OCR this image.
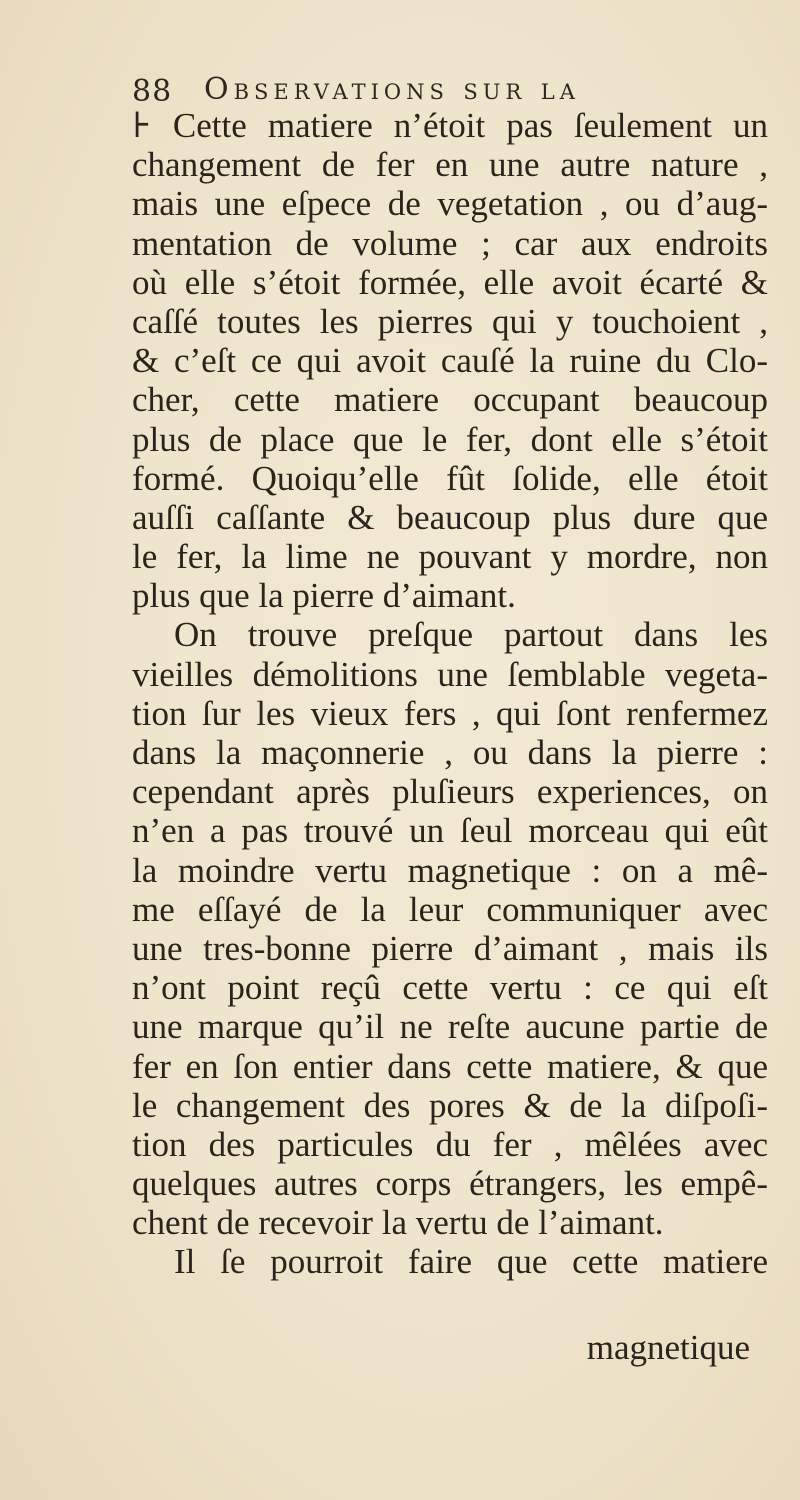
88 Observations sur la
⊦ Cette matiere n’étoit pas ſeulement un
changement de fer en une autre nature ,
mais une eſpece de vegetation , ou d’aug-
mentation de volume ; car aux endroits
où elle s’étoit formée, elle avoit écarté &
caſſé toutes les pierres qui y touchoient ,
& c’eſt ce qui avoit cauſé la ruine du Clo-
cher, cette matiere occupant beaucoup
plus de place que le fer, dont elle s’étoit
formé. Quoiqu’elle fût ſolide, elle étoit
auſſi caſſante & beaucoup plus dure que
le fer, la lime ne pouvant y mordre, non
plus que la pierre d’aimant.
On trouve preſque partout dans les
vieilles démolitions une ſemblable vegeta-
tion ſur les vieux fers , qui ſont renfermez
dans la maçonnerie , ou dans la pierre :
cependant après pluſieurs experiences, on
n’en a pas trouvé un ſeul morceau qui eût
la moindre vertu magnetique : on a mê-
me eſſayé de la leur communiquer avec
une tres-bonne pierre d’aimant , mais ils
n’ont point reçû cette vertu : ce qui eſt
une marque qu’il ne reſte aucune partie de
fer en ſon entier dans cette matiere, & que
le changement des pores & de la diſpoſi-
tion des particules du fer , mêlées avec
quelques autres corps étrangers, les empê-
chent de recevoir la vertu de l’aimant.
Il ſe pourroit faire que cette matiere
magnetique
